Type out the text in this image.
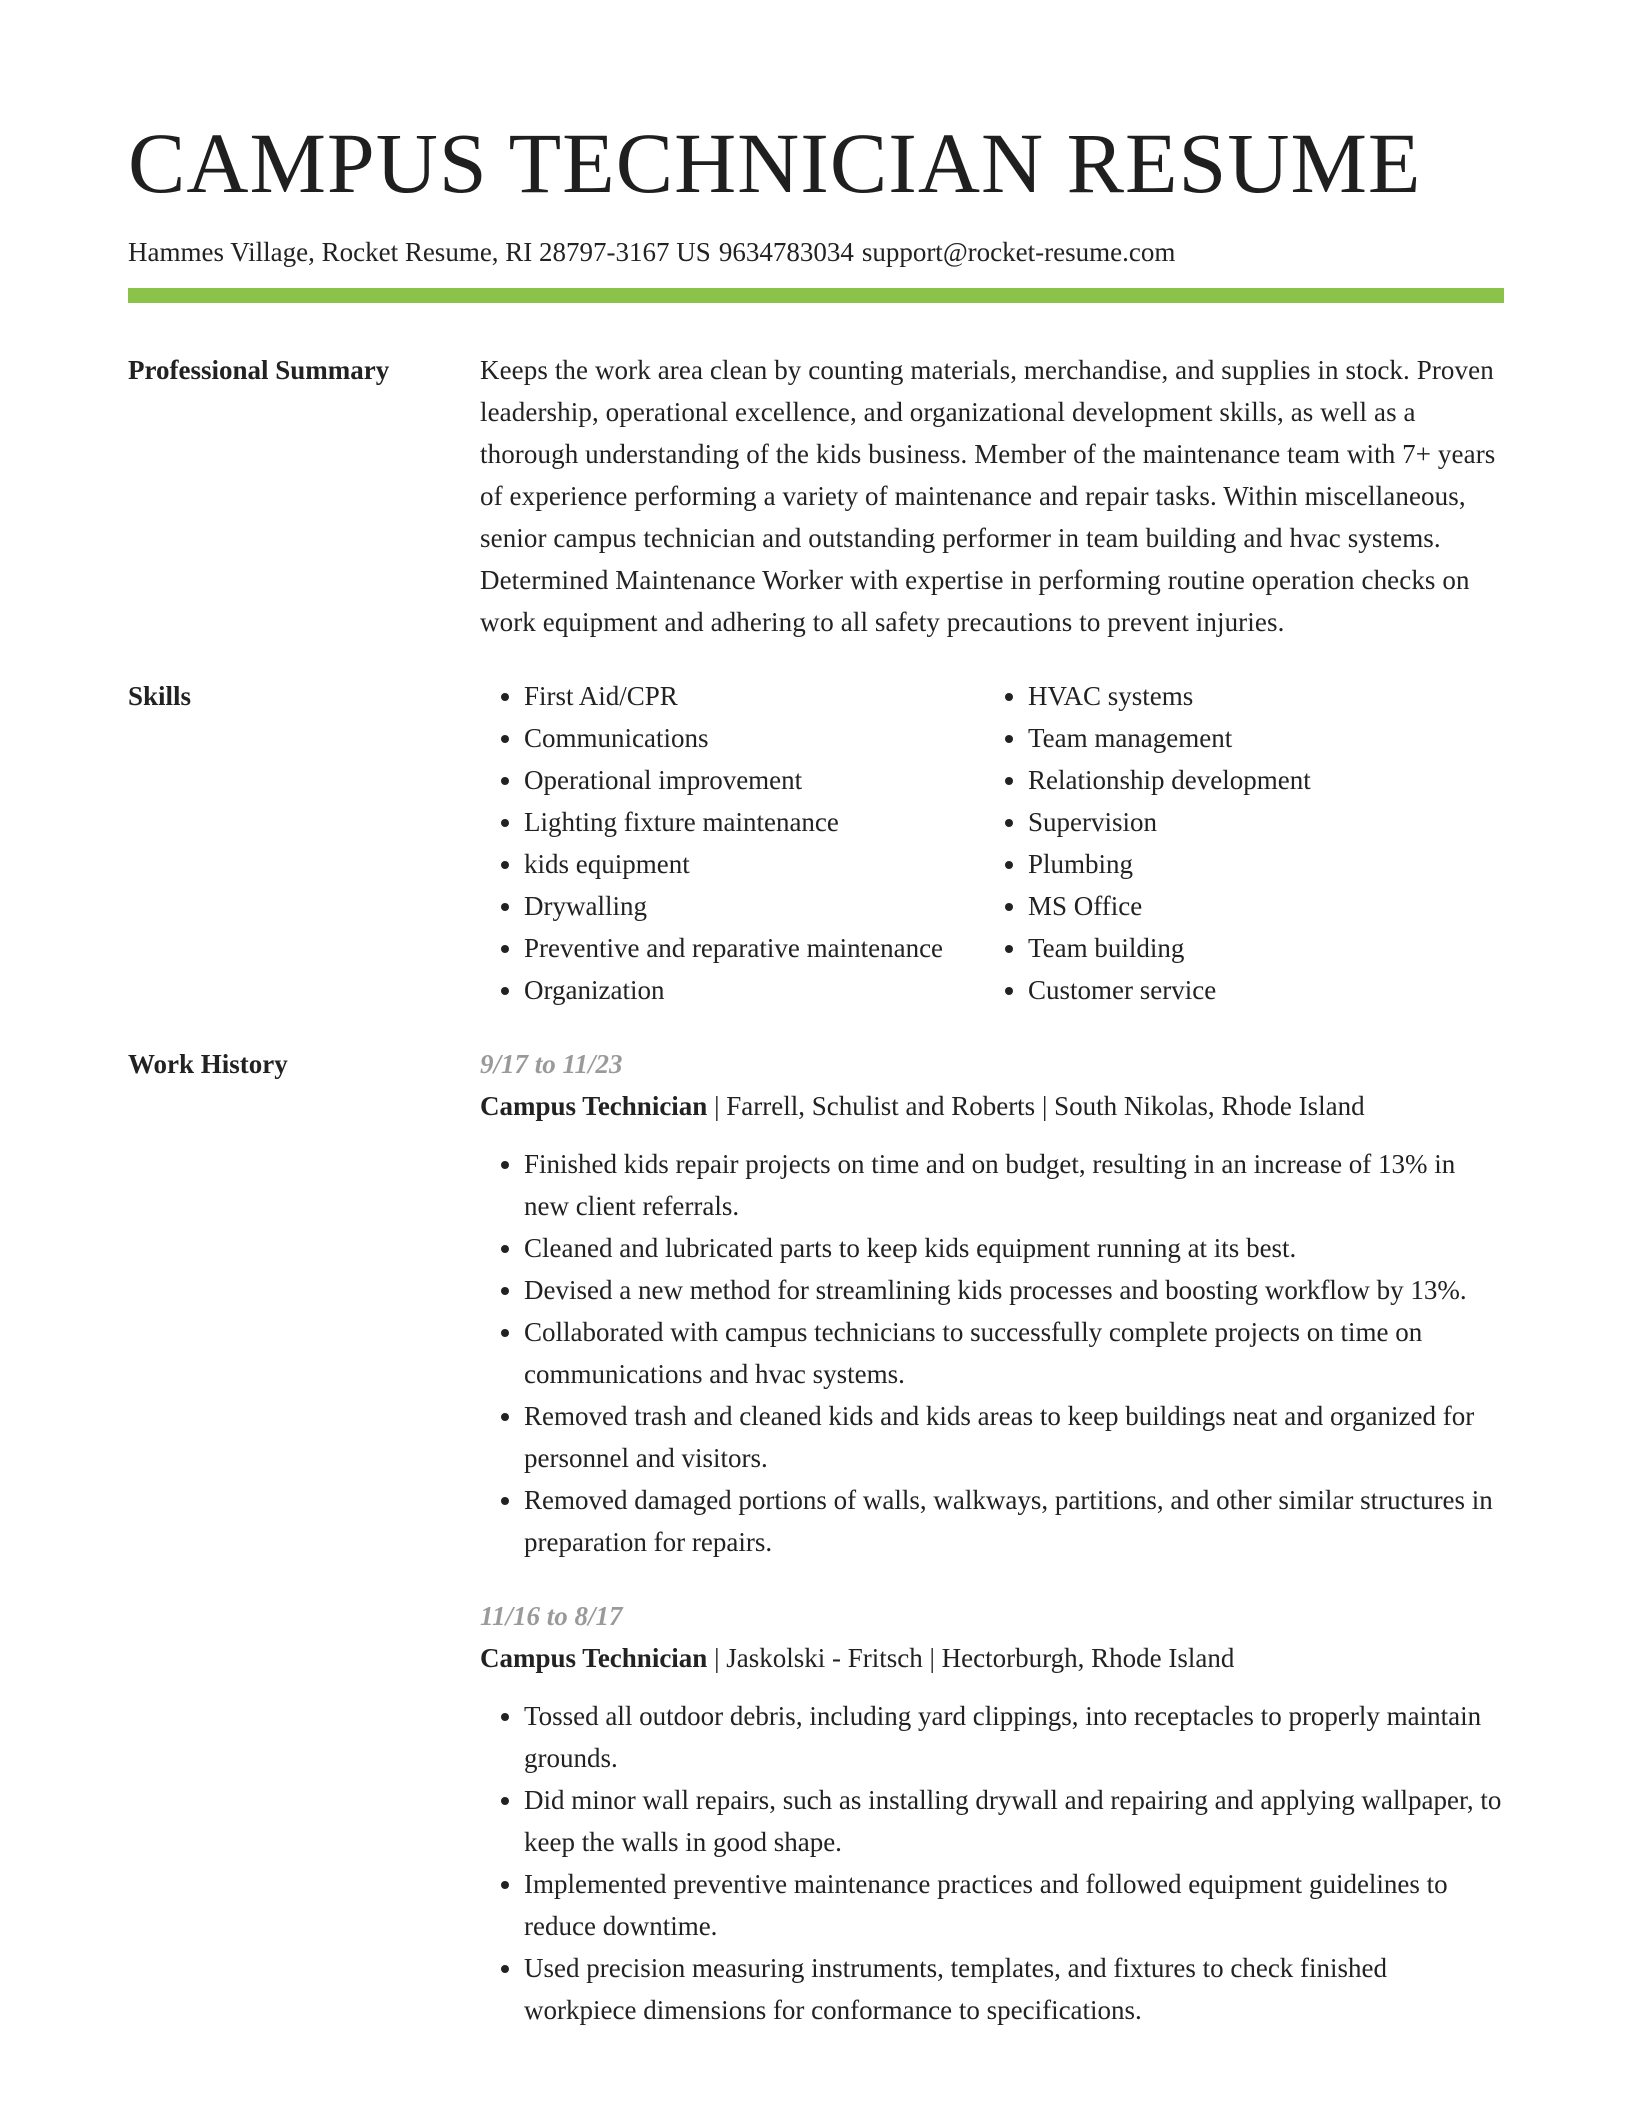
CAMPUS TECHNICIAN RESUME
Hammes Village, Rocket Resume, RI 28797-3167 US 9634783034 support@rocket-resume.com
Professional Summary	Keeps the work area clean by counting materials, merchandise, and supplies in stock. Proven leadership, operational excellence, and organizational development skills, as well as a thorough understanding of the kids business. Member of the maintenance team with 7+ years of experience performing a variety of maintenance and repair tasks. Within miscellaneous, senior campus technician and outstanding performer in team building and hvac systems. Determined Maintenance Worker with expertise in performing routine operation checks on work equipment and adhering to all safety precautions to prevent injuries.
Skills
•	First Aid/CPR
• Communications
• Operational improvement
• Lighting fixture maintenance
• kids equipment
• Drywalling
• Preventive and reparative maintenance
• Organization
• HVAC systems
• Team management
• Relationship development
• Supervision
• Plumbing
• MS Office
• Team building
• Customer service
Work History	9/17 to 11/23
Campus Technician | Farrell, Schulist and Roberts | South Nikolas, Rhode Island
• Finished kids repair projects on time and on budget, resulting in an increase of 13% in new client referrals.
• Cleaned and lubricated parts to keep kids equipment running at its best.
• Devised a new method for streamlining kids processes and boosting workflow by 13%.
• Collaborated with campus technicians to successfully complete projects on time on communications and hvac systems.
• Removed trash and cleaned kids and kids areas to keep buildings neat and organized for personnel and visitors.
• Removed damaged portions of walls, walkways, partitions, and other similar structures in preparation for repairs.
11/16 to 8/17
Campus Technician | Jaskolski - Fritsch | Hectorburgh, Rhode Island
• Tossed all outdoor debris, including yard clippings, into receptacles to properly maintain grounds.
• Did minor wall repairs, such as installing drywall and repairing and applying wallpaper, to keep the walls in good shape.
• Implemented preventive maintenance practices and followed equipment guidelines to reduce downtime.
• Used precision measuring instruments, templates, and fixtures to check finished workpiece dimensions for conformance to specifications.
